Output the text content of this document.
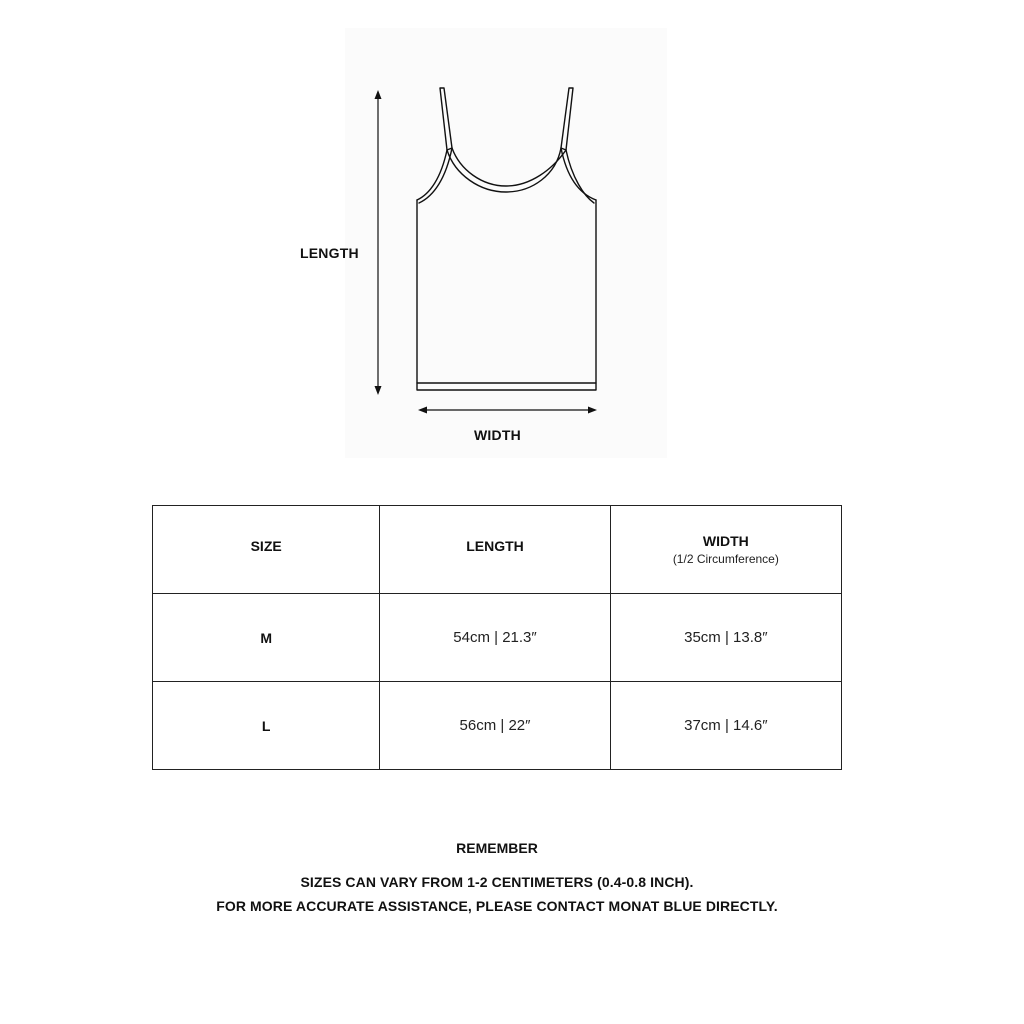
LENGTH
WIDTH
SIZE	LENGTH	WIDTH
(1/2 Circumference)

M	54cm | 21.3″	35cm | 13.8″
L	56cm | 22″	37cm | 14.6″

REMEMBER

SIZES CAN VARY FROM 1-2 CENTIMETERS (0.4-0.8 INCH).

FOR MORE ACCURATE ASSISTANCE, PLEASE CONTACT MONAT BLUE DIRECTLY.
